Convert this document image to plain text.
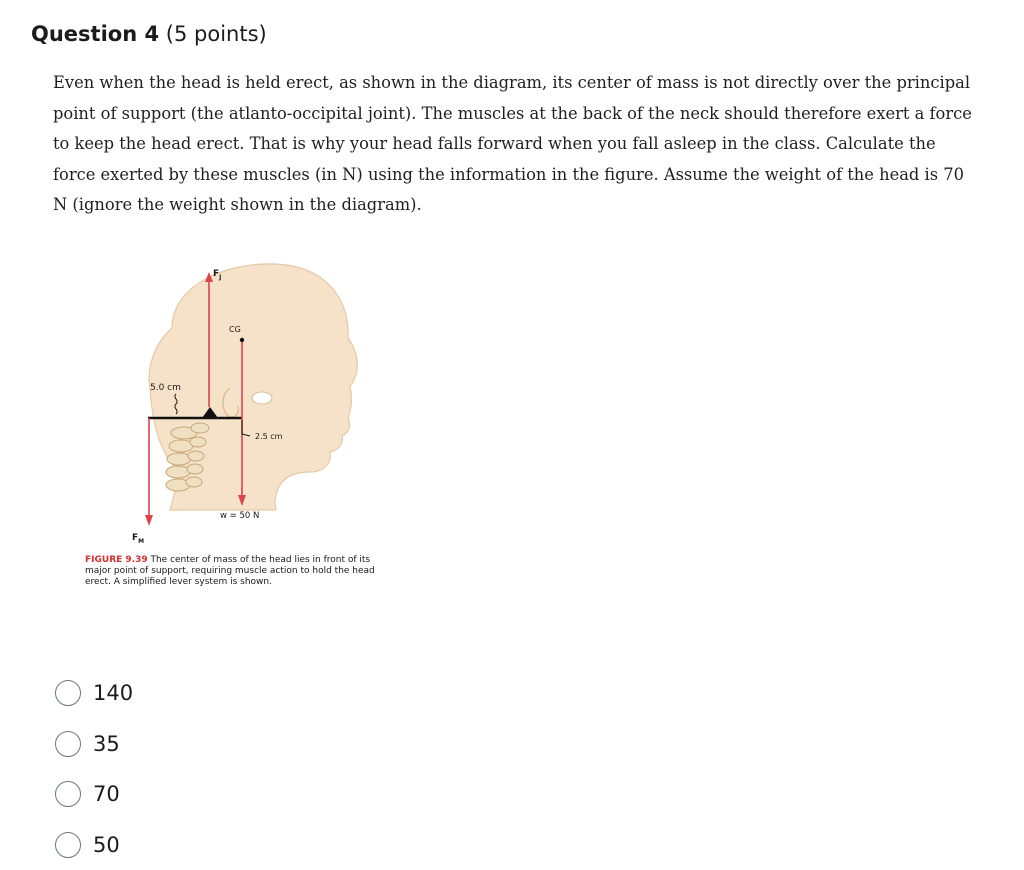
Question 4 (5 points)

Even when the head is held erect, as shown in the diagram, its center of mass is not directly over the principal point of support (the atlanto-occipital joint). The muscles at the back of the neck should therefore exert a force to keep the head erect. That is why your head falls forward when you fall asleep in the class. Calculate the force exerted by these muscles (in N) using the information in the figure. Assume the weight of the head is 70 N (ignore the weight shown in the diagram).

$F_J$
CG
5.0 cm
2.5 cm
w = 50 N
$F_M$
FIGURE 9.39 The center of mass of the head lies in front of its major point of support, requiring muscle action to hold the head erect. A simplified lever system is shown.
140
35
70
50
